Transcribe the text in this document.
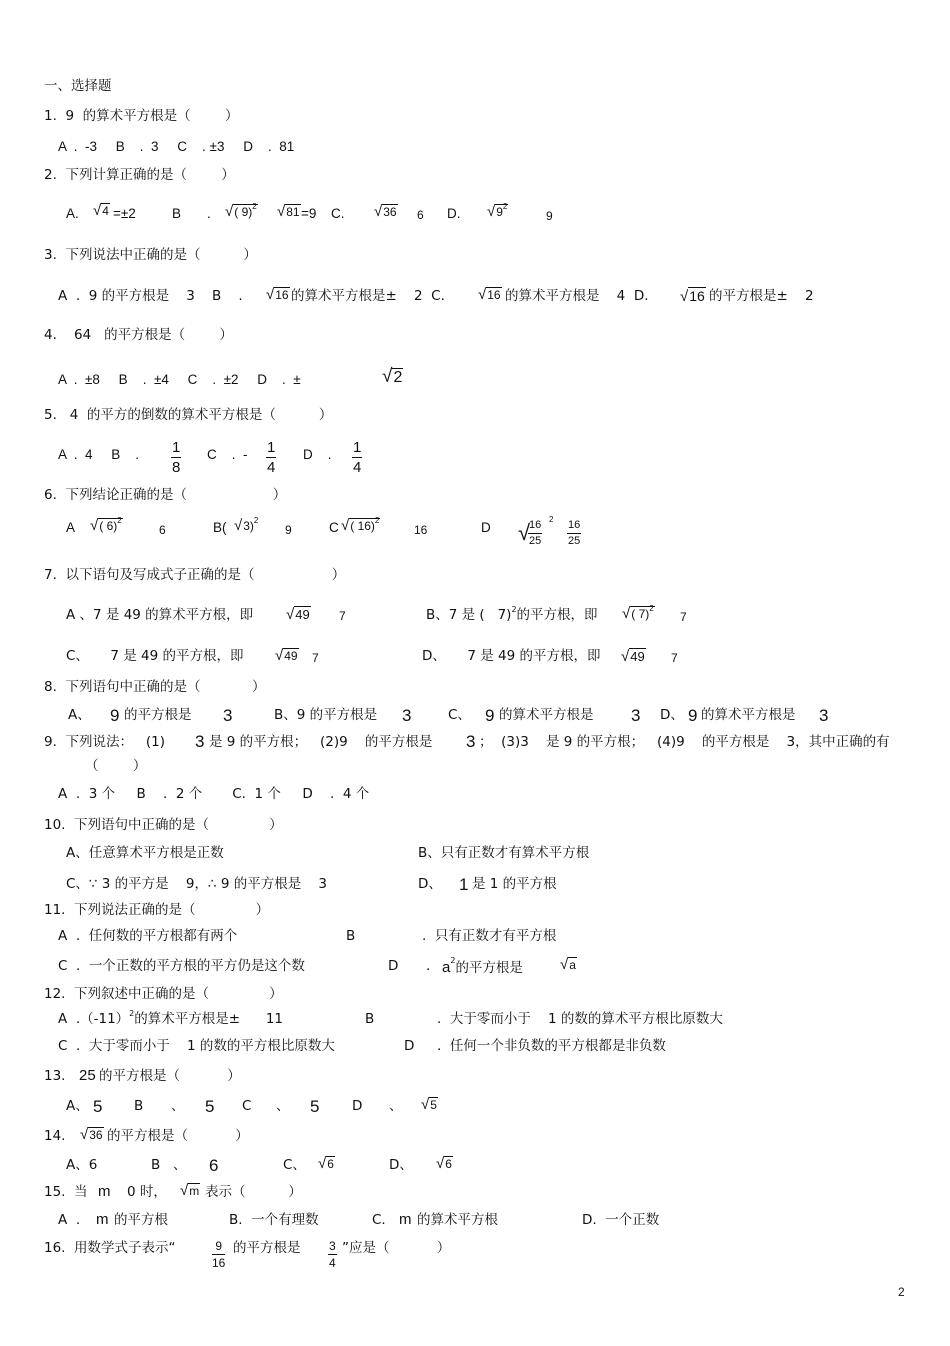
一、选择题
1.  9  的算术平方根是（        ）
A  .  -3     B    .  3     C    . ±3     D    .  81
2.  下列计算正确的是（        ）
A. √4 =±2	B . √( 9)$^2$ √81 =9 C. √36 6 D. $√9^2$
9
3.  下列说法中正确的是（          ）
A  .  9 的平方根是    3    B    . √16 的算术平方根是±    2  C. √16 的算术平方根是    4  D. √16 的平方根是±    2
4.    64   的平方根是（        ）
A  .  ±8     B    .  ±4     C    .  ±2     D    .  ±	√2
5.   4  的平方的倒数的算术平方根是（          ）
A  .  4     B    . $\frac{1}{8}$ C    .  - $\frac{1}{4}$ D    . $\frac{1}{4}$
6.  下列结论正确的是（                    ）
A √( 6)$^2$
6	B( √3)$^2$
9	C √( 16)$^2$
16	D √
$\frac{16}{25}$
2
$\frac{16}{25}$
7.  以下语句及写成式子正确的是（                  ）
A 、7 是 49 的算术平方根，即 √49 7	B、7 是 (   7)$^2$的平方根，即 √( 7)$^2$
7
C、     7 是 49 的平方根，即 √49 7	D、     7 是 49 的平方根，即 √49 7
8.  下列语句中正确的是（            ）
A、 9 的平方根是 3	B、9 的平方根是 3	C、 9 的算术平方根是 3 D、 9 的算术平方根是 3
9.  下列说法：   (1) 3 是 9 的平方根；   (2)9    的平方根是 3 ；  (3)3    是 9 的平方根；   (4)9    的平方根是    3，其中正确的有
（        ）
A  .  3 个     B    .  2 个       C.  1 个     D    .  4 个
10.  下列语句中正确的是（              ）
A、任意算术平方根是正数	B、只有正数才有算术平方根
C、∵ 3 的平方是    9，∴ 9 的平方根是    3	D、 1 是 1 的平方根
11.  下列说法正确的是（              ）
A  .  任何数的平方根都有两个	B	.  只有正数才有平方根
C  .  一个正数的平方根的平方仍是这个数	D . $a^2$的平方根是 √a
12.  下列叙述中正确的是（              ）
A  $.(-11)^2$的算术平方根是±      11	B	.  大于零而小于    1 的数的算术平方根比原数大
C  .  大于零而小于    1 的数的平方根比原数大	D .  任何一个非负数的平方根都是非负数
13. 25 的平方根是（           ）
A、 5 B 、 5 C 、 5 D 、 √5
14. √36 的平方根是（           ）
A、6	B 、 6	C、 √6	D、 √6
15.  当 m 0 时， √m 表示（          ）
A  . m 的平方根	B.  一个有理数	C. m 的算术平方根	D.  一个正数
16.  用数学式子表示“	$\frac{9}{16}$ 的平方根是 $\frac{3}{4}$ ”应是（           ）
2
